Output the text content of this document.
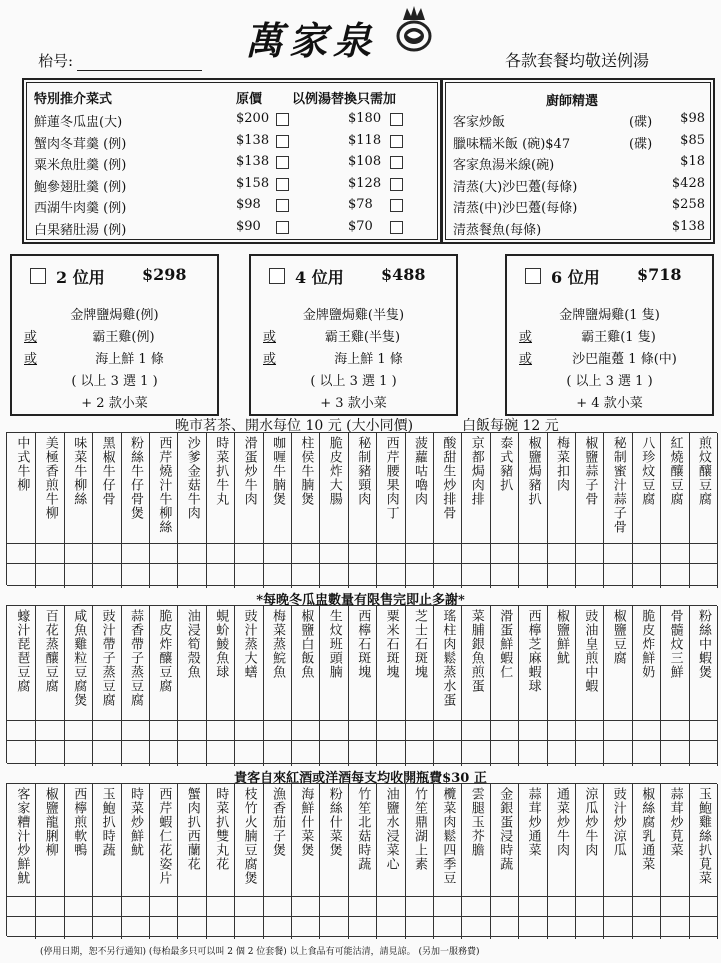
萬家泉
枱号:	各款套餐均敬送例湯
特別推介菜式	原價 以例湯替換只需加
鮮蓮冬瓜盅(大)	$200	$180
蟹肉冬茸羹 (例)	$138	$118
粟米魚肚羹 (例)	$138	$108
鮑參翅肚羹 (例)	$158	$128
西湖牛肉羹 (例)	$98	$78
白果豬肚湯 (例)	$90	$70
廚師精選
客家炒飯	(碟) $98
臘味糯米飯 (碗)$47	(碟) $85
客家魚湯米線(碗)	$18
清蒸(大)沙巴躉(每條)	$428
清蒸(中)沙巴躉(每條)	$258
清蒸餐魚(每條)	$138
2 位用 $298
金牌鹽焗雞(例)
或	霸王雞(例)
或	海上鮮 1 條
( 以上 3 選 1 )
+ 2 款小菜
4 位用 $488
金牌鹽焗雞(半隻)
或	霸王雞(半隻)
或	海上鮮 1 條
( 以上 3 選 1 )
+ 3 款小菜
6 位用 $718
金牌鹽焗雞(1 隻)
或	霸王雞(1 隻)
或	沙巴龍躉 1 條(中)
( 以上 3 選 1 )
+ 4 款小菜
晚市茗茶、開水每位 10 元 (大小同價)	白飯每碗 12 元
中式牛柳	美極香煎牛柳	味菜牛柳絲	黑椒牛仔骨	粉絲牛仔骨煲	西芹燒汁牛柳絲	沙爹金菇牛肉	時菜扒牛丸	滑蛋炒牛肉	咖喱牛腩煲	柱侯牛腩煲	脆皮炸大腸	秘制豬頸肉	西芹腰果肉丁	菠蘿咕嚕肉	酸甜生炒排骨	京都焗肉排	泰式豬扒	椒鹽焗豬扒	梅菜扣肉	椒鹽蒜子骨	秘制蜜汁蒜子骨	八珍炆豆腐	紅燒釀豆腐	煎炆釀豆腐
*每晚冬瓜盅數量有限售完即止多謝*
蠔汁琵琶豆腐	百花蒸釀豆腐	咸魚雞粒豆腐煲	豉汁帶子蒸豆腐	蒜香帶子蒸豆腐	脆皮炸釀豆腐	油浸筍殼魚	蜆蚧鯪魚球	豉汁蒸大蟮	梅菜蒸鯇魚	椒鹽白飯魚	生炆班頭腩	西檸石斑塊	粟米石斑塊	芝士石斑塊	瑤柱肉鬆蒸水蛋	菜脯銀魚煎蛋	滑蛋鮮蝦仁	西檸芝麻蝦球	椒鹽鮮魷	豉油皇煎中蝦	椒鹽豆腐	脆皮炸鮮奶	骨髓炆三鮮	粉絲中蝦煲
貴客自來紅酒或洋酒每支均收開瓶費$30 正
客家糟汁炒鮮魷	椒鹽龍脷柳	西檸煎軟鴨	玉鮑扒時蔬	時菜炒鮮魷	西芹蝦仁花姿片	蟹肉扒西蘭花	時菜扒雙丸花	枝竹火腩豆腐煲	漁香茄子煲	海鮮什菜煲	粉絲什菜煲	竹笙北菇時蔬	油鹽水浸菜心	竹笙鼎湖上素	欖菜肉鬆四季豆	雲腿玉芥膽	金銀蛋浸時蔬	蒜茸炒通菜	通菜炒牛肉	涼瓜炒牛肉	豉汁炒涼瓜	椒絲腐乳通菜	蒜茸炒莧菜	玉鮑雞絲扒莧菜
(停用日期，恕不另行通知) (每枱最多只可以叫 2 個 2 位套餐) 以上食品有可能沽清，請見諒。 (另加一服務費)
